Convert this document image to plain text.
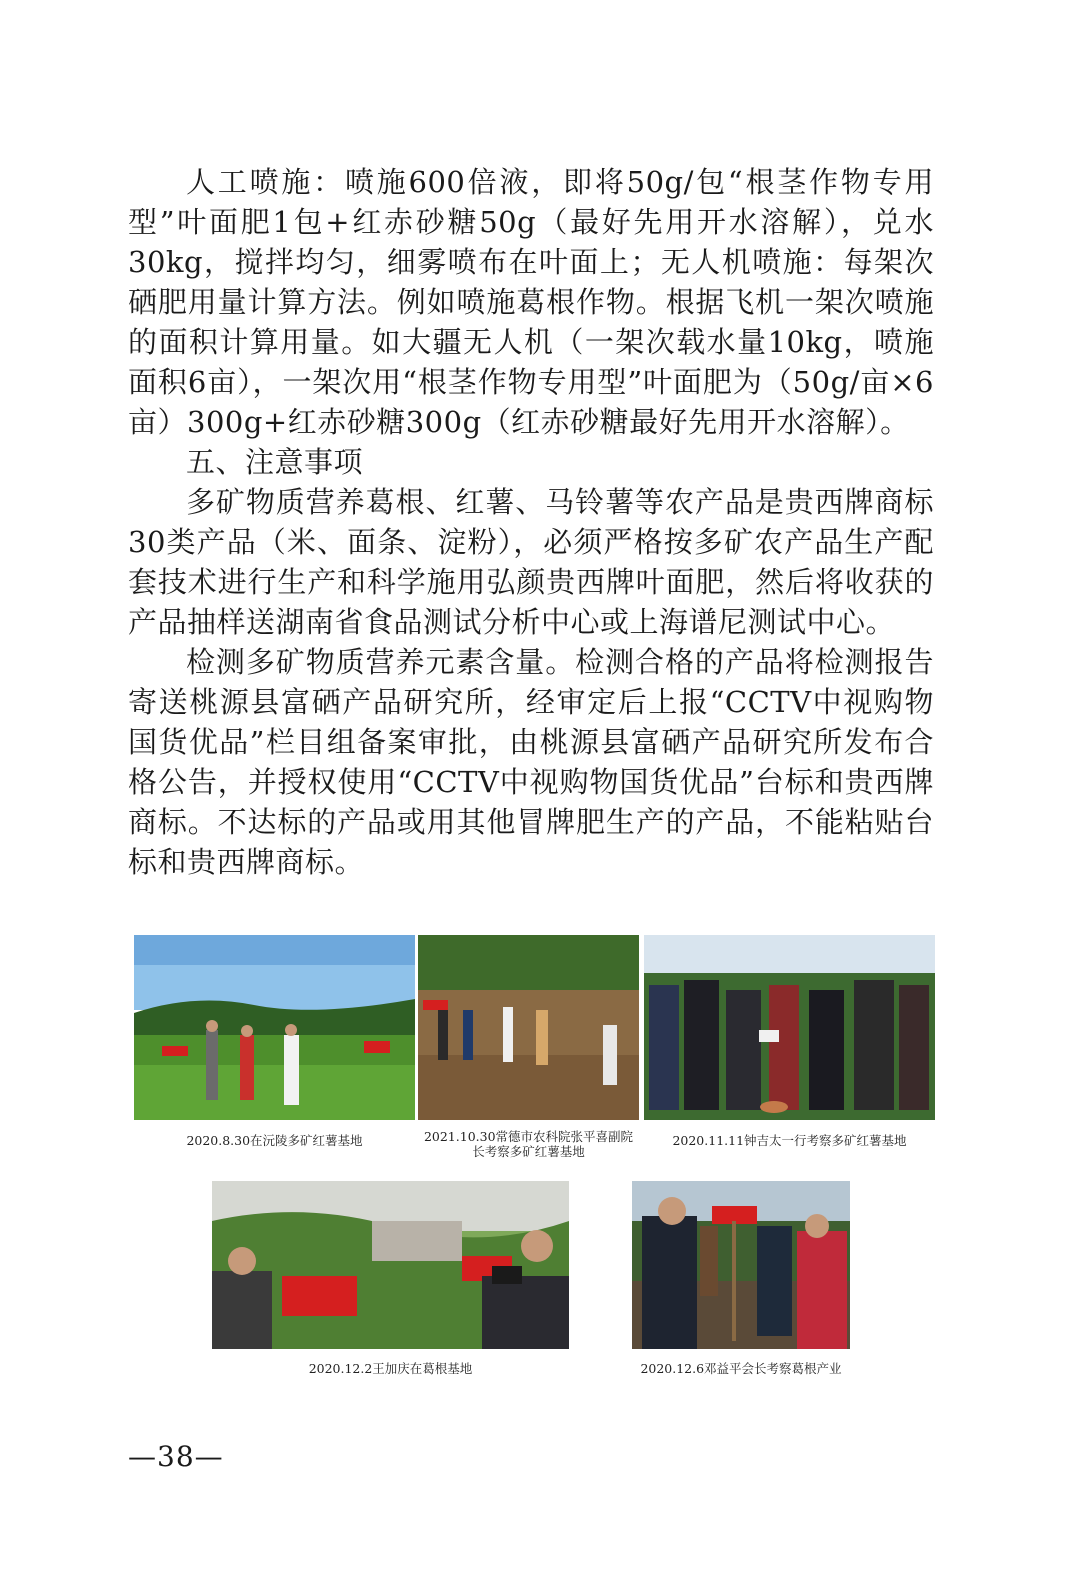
人工喷施：喷施600倍液，即将50g/包“根茎作物专用型”叶面肥1包+红赤砂糖50g（最好先用开水溶解），兑水30kg，搅拌均匀，细雾喷布在叶面上；无人机喷施：每架次硒肥用量计算方法。例如喷施葛根作物。根据飞机一架次喷施的面积计算用量。如大疆无人机（一架次载水量10kg，喷施面积6亩），一架次用“根茎作物专用型”叶面肥为（50g/亩×6亩）300g+红赤砂糖300g（红赤砂糖最好先用开水溶解）。

五、注意事项

多矿物质营养葛根、红薯、马铃薯等农产品是贵西牌商标30类产品（米、面条、淀粉），必须严格按多矿农产品生产配套技术进行生产和科学施用弘颜贵西牌叶面肥，然后将收获的产品抽样送湖南省食品测试分析中心或上海谱尼测试中心。

检测多矿物质营养元素含量。检测合格的产品将检测报告寄送桃源县富硒产品研究所，经审定后上报“CCTV中视购物国货优品”栏目组备案审批，由桃源县富硒产品研究所发布合格公告，并授权使用“CCTV中视购物国货优品”台标和贵西牌商标。不达标的产品或用其他冒牌肥生产的产品，不能粘贴台标和贵西牌商标。

2020.8.30在沅陵多矿红薯基地	2021.10.30常德市农科院张平喜副院长考察多矿红薯基地
2020.11.11钟吉太一行考察多矿红薯基地
2020.12.2王加庆在葛根基地	2020.12.6邓益平会长考察葛根产业
—38—
